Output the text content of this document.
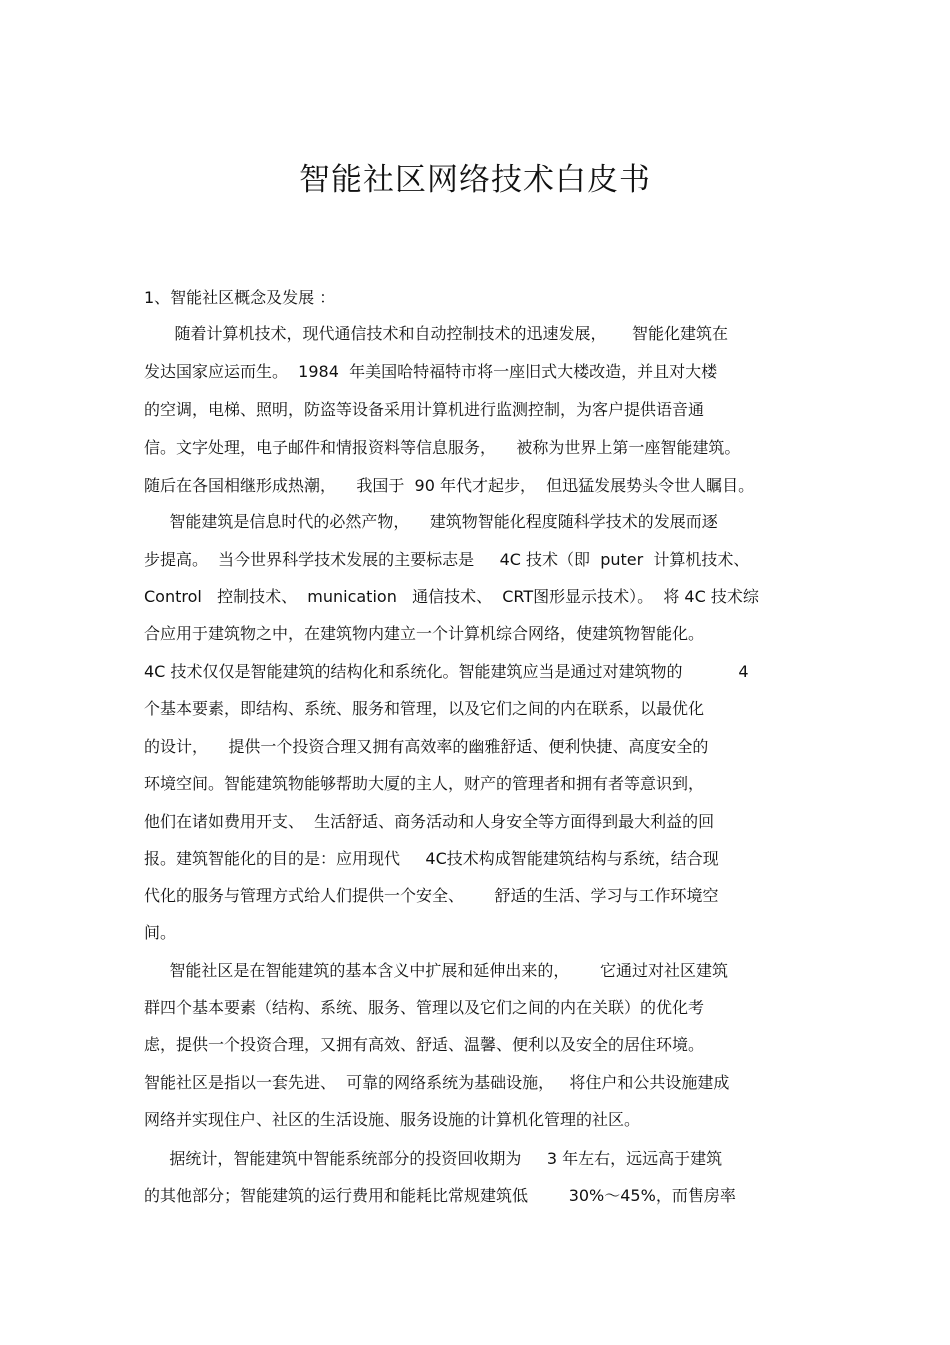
智能社区网络技术白皮书
1、智能社区概念及发展 ：
随着计算机技术，现代通信技术和自动控制技术的迅速发展，     智能化建筑在
发达国家应运而生。  1984  年美国哈特福特市将一座旧式大楼改造，并且对大楼
的空调，电梯、照明，防盗等设备采用计算机进行监测控制，为客户提供语音通
信。文字处理，电子邮件和情报资料等信息服务，    被称为世界上第一座智能建筑。
随后在各国相继形成热潮，    我国于  90 年代才起步，  但迅猛发展势头令世人瞩目。
智能建筑是信息时代的必然产物，    建筑物智能化程度随科学技术的发展而逐
步提高。  当今世界科学技术发展的主要标志是     4C 技术（即  puter  计算机技术、
Control   控制技术、  munication   通信技术、  CRT图形显示技术）。  将 4C 技术综
合应用于建筑物之中，在建筑物内建立一个计算机综合网络，使建筑物智能化。
4C 技术仅仅是智能建筑的结构化和系统化。智能建筑应当是通过对建筑物的           4
个基本要素，即结构、系统、服务和管理，以及它们之间的内在联系，以最优化
的设计，    提供一个投资合理又拥有高效率的幽雅舒适、便利快捷、高度安全的
环境空间。智能建筑物能够帮助大厦的主人，财产的管理者和拥有者等意识到，
他们在诸如费用开支、  生活舒适、商务活动和人身安全等方面得到最大利益的回
报。建筑智能化的目的是：应用现代     4C技术构成智能建筑结构与系统，结合现
代化的服务与管理方式给人们提供一个安全、      舒适的生活、学习与工作环境空
间。
智能社区是在智能建筑的基本含义中扩展和延伸出来的，      它通过对社区建筑
群四个基本要素（结构、系统、服务、管理以及它们之间的内在关联）的优化考
虑，提供一个投资合理，又拥有高效、舒适、温馨、便利以及安全的居住环境。
智能社区是指以一套先进、  可靠的网络系统为基础设施，   将住户和公共设施建成
网络并实现住户、社区的生活设施、服务设施的计算机化管理的社区。
据统计，智能建筑中智能系统部分的投资回收期为     3 年左右，远远高于建筑
的其他部分；智能建筑的运行费用和能耗比常规建筑低        30%～45%，而售房率
